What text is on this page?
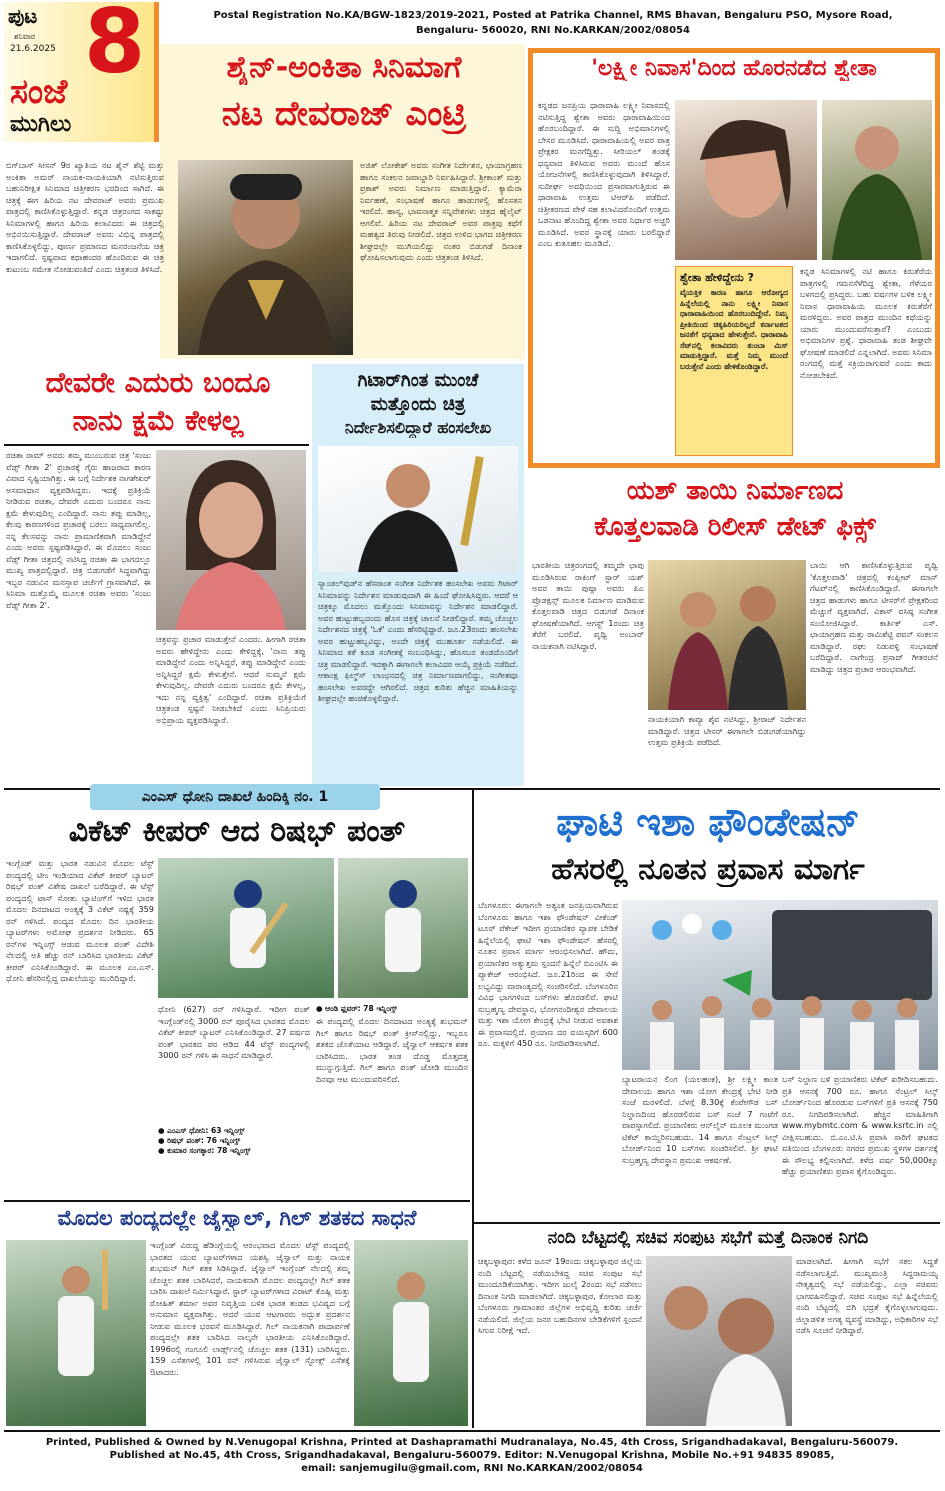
ಪುಟ
ಶನಿವಾರ
21.6.2025 8
ಸಂಜೆ
ಮುಗಿಲು
Postal Registration No.KA/BGW-1823/2019-2021, Posted at Patrika Channel, RMS Bhavan, Bengaluru PSO, Mysore Road,
Bengaluru- 560020, RNI No.KARKAN/2002/08054
ಶೈನ್-ಅಂಕಿತಾ ಸಿನಿಮಾಗೆ
ನಟ ದೇವರಾಜ್ ಎಂಟ್ರಿ
ಬಿಗ್‌ಬಾಸ್ ಸೀಸನ್ 9ರ ಖ್ಯಾತಿಯ ನಟ ಶೈನ್ ಶೆಟ್ಟಿ ಮತ್ತು ಅಂಕಿತಾ ಅಮರ್ ನಾಯಕ-ನಾಯಕಿಯಾಗಿ ನಟಿಸುತ್ತಿರುವ ಬಹುನಿರೀಕ್ಷಿತ ಸಿನಿಮಾದ ಚಿತ್ರೀಕರಣ ಭರದಿಂದ ಸಾಗಿದೆ. ಈ ಚಿತ್ರಕ್ಕೆ ಈಗ ಹಿರಿಯ ನಟ ದೇವರಾಜ್ ಅವರು ಪ್ರಮುಖ ಪಾತ್ರದಲ್ಲಿ ಕಾಣಿಸಿಕೊಳ್ಳುತ್ತಿದ್ದಾರೆ. ಕನ್ನಡ ಚಿತ್ರರಂಗದ ಸಾಕಷ್ಟು ಸಿನಿಮಾಗಳಲ್ಲಿ ಹಾಗೂ ಹಿರಿಯ ಕಲಾವಿದರು ಈ ಚಿತ್ರದಲ್ಲಿ ಅಭಿನಯಿಸುತ್ತಿದ್ದಾರೆ. ದೇವರಾಜ್ ಅವರು ವಿಭಿನ್ನ ಪಾತ್ರದಲ್ಲಿ ಕಾಣಿಸಿಕೊಳ್ಳಲಿದ್ದು, ಪೂರ್ಣ ಪ್ರಮಾಣದ ಮನರಂಜನೆಯ ಚಿತ್ರ ಇದಾಗಲಿದೆ. ಸ್ಪಷ್ಟವಾದ ಕಥಾಹಂದರ ಹೊಂದಿರುವ ಈ ಚಿತ್ರ ಕುಟುಂಬ ಸಮೇತ ನೋಡುವಂತಿದೆ ಎಂದು ಚಿತ್ರತಂಡ ತಿಳಿಸಿದೆ.
ಅಜಿತ್ ಲೋಕೇಶ್ ಅವರು ಸಂಗೀತ ನಿರ್ದೇಶನ, ಛಾಯಾಗ್ರಹಣ ಹಾಗೂ ಸಂಕಲನ ಜವಾಬ್ದಾರಿ ನಿರ್ವಹಿಸಿದ್ದಾರೆ. ಶ್ರೀಕಾಂತ್ ಮತ್ತು ಪ್ರಕಾಶ್ ಅವರು ನಿರ್ಮಾಣ ಮಾಡುತ್ತಿದ್ದಾರೆ. ಕ್ಯಾಮೆರಾ ನಿರ್ವಹಣೆ, ಸಂಭಾಷಣೆ ಹಾಗೂ ಹಾಡುಗಳಲ್ಲಿ ಹೊಸತನ ಇರಲಿದೆ. ಹಾಸ್ಯ, ಭಾವನಾತ್ಮಕ ಸನ್ನಿವೇಶಗಳು ಚಿತ್ರದ ಹೈಲೈಟ್ ಆಗಲಿವೆ. ಹಿರಿಯ ನಟ ದೇವರಾಜ್ ಅವರ ಪಾತ್ರವು ಕಥೆಗೆ ಮಹತ್ವದ ತಿರುವು ನೀಡಲಿದೆ. ಚಿತ್ರದ ಉಳಿದ ಭಾಗದ ಚಿತ್ರೀಕರಣ ಶೀಘ್ರದಲ್ಲೇ ಮುಗಿಯಲಿದ್ದು ನಂತರ ಬಿಡುಗಡೆ ದಿನಾಂಕ ಘೋಷಿಸಲಾಗುವುದು ಎಂದು ಚಿತ್ರತಂಡ ತಿಳಿಸಿದೆ.
'ಲಕ್ಷ್ಮೀ ನಿವಾಸ'ದಿಂದ ಹೊರನಡೆದ ಶ್ವೇತಾ
ಕನ್ನಡದ ಜನಪ್ರಿಯ ಧಾರಾವಾಹಿ ಲಕ್ಷ್ಮೀ ನಿವಾಸದಲ್ಲಿ ನಟಿಸುತ್ತಿದ್ದ ಶ್ವೇತಾ ಅವರು ಧಾರಾವಾಹಿಯಿಂದ ಹೊರಬಂದಿದ್ದಾರೆ. ಈ ಸುದ್ದಿ ಅಭಿಮಾನಿಗಳಲ್ಲಿ ಬೇಸರ ಮೂಡಿಸಿದೆ. ಧಾರಾವಾಹಿಯಲ್ಲಿ ಅವರ ಪಾತ್ರ ಪ್ರೇಕ್ಷಕರ ಮನಗೆದ್ದಿತ್ತು. ಸೀರಿಯಲ್ ತಂಡಕ್ಕೆ ಧನ್ಯವಾದ ತಿಳಿಸಿರುವ ಅವರು ಮುಂದೆ ಹೊಸ ಯೋಜನೆಗಳಲ್ಲಿ ಕಾಣಿಸಿಕೊಳ್ಳುವುದಾಗಿ ತಿಳಿಸಿದ್ದಾರೆ. ಸುದೀರ್ಘ ಅವಧಿಯಿಂದ ಪ್ರಸಾರವಾಗುತ್ತಿರುವ ಈ ಧಾರಾವಾಹಿ ಉತ್ತಮ ಟಿಆರ್‌ಪಿ ಪಡೆದಿದೆ. ಚಿತ್ರೀಕರಣದ ವೇಳೆ ಸಹ ಕಲಾವಿದರೊಂದಿಗೆ ಉತ್ತಮ ಒಡನಾಟ ಹೊಂದಿದ್ದ ಶ್ವೇತಾ ಅವರ ನಿರ್ಧಾರ ಅಚ್ಚರಿ ಮೂಡಿಸಿದೆ. ಅವರ ಸ್ಥಾನಕ್ಕೆ ಯಾರು ಬರಲಿದ್ದಾರೆ ಎಂಬ ಕುತೂಹಲ ಮೂಡಿದೆ.
ಶ್ವೇತಾ ಹೇಳಿದ್ದೇನು ?
ವೈಯಕ್ತಿಕ ಕಾರಣ ಹಾಗೂ ಆರೋಗ್ಯದ ಹಿನ್ನೆಲೆಯಲ್ಲಿ ನಾನು ಲಕ್ಷ್ಮೀ ನಿವಾಸ ಧಾರಾವಾಹಿಯಿಂದ ಹೊರಬಂದಿದ್ದೇನೆ. ನಿಮ್ಮ ಪ್ರೀತಿಯಿಂದ ಚಿಕ್ಕಹಿರಿಯರಿಲ್ಲದೆ ಕರ್ನಾಟಕದ ಜನತೆಗೆ ಧನ್ಯವಾದ ಹೇಳುತ್ತೇನೆ. ಧಾರಾವಾಹಿ ಸೆಟ್‌ನಲ್ಲಿ ಕಲಾವಿದರು ತುಂಬಾ ಮಿಸ್ ಮಾಡುತ್ತಿದ್ದಾರೆ. ಮತ್ತೆ ನಿಮ್ಮ ಮುಂದೆ ಬರುತ್ತೇನೆ ಎಂದು ಹೇಳಿಕೊಂಡಿದ್ದಾರೆ.
ಕನ್ನಡ ಸಿನಿಮಾಗಳಲ್ಲಿ ನಟಿ ಹಾಗೂ ಕಿರುತೆರೆಯ ಪಾತ್ರಗಳಲ್ಲಿ ಗಮನಸೆಳೆದಿದ್ದ ಶ್ವೇತಾ, ಗೆಳೆಯರ ಬಳಗದಲ್ಲಿ ಪ್ರಸಿದ್ಧರು. ಬಹು ವರ್ಷಗಳ ಬಳಿಕ ಲಕ್ಷ್ಮೀ ನಿವಾಸ ಧಾರಾವಾಹಿಯ ಮೂಲಕ ಕಿರುತೆರೆಗೆ ಮರಳಿದ್ದರು. ಅವರ ಪಾತ್ರದ ಮುಂದಿನ ಕಥೆಯನ್ನು ಯಾರು ಮುಂದುವರೆಸುತ್ತಾರೆ? ಎಂಬುದು ಅಭಿಮಾನಿಗಳ ಪ್ರಶ್ನೆ. ಧಾರಾವಾಹಿ ತಂಡ ಶೀಘ್ರವೇ ಘೋಷಣೆ ಮಾಡಲಿದೆ ಎನ್ನಲಾಗಿದೆ. ಅವರು ಸಿನಿಮಾ ರಂಗದಲ್ಲಿ ಮತ್ತೆ ಸಕ್ರಿಯರಾಗುವರೆ ಎಂದು ಕಾದು ನೋಡಬೇಕಿದೆ.
ದೇವರೇ ಎದುರು ಬಂದೂ
ನಾನು ಕ್ಷಮೆ ಕೇಳಲ್ಲ
ರಚಿತಾ ರಾಮ್ ಅವರು ತಮ್ಮ ಮುಂಬರುವ ಚಿತ್ರ 'ಸಂಜು ವೆಡ್ಸ್ ಗೀತಾ 2' ಪ್ರಚಾರಕ್ಕೆ ಗೈರು ಹಾಜರಾದ ಕಾರಣ ವಿವಾದ ಸೃಷ್ಟಿಯಾಗಿತ್ತು. ಈ ಬಗ್ಗೆ ನಿರ್ದೇಶಕ ನಾಗಶೇಖರ್ ಅಸಮಾಧಾನ ವ್ಯಕ್ತಪಡಿಸಿದ್ದರು. ಇದಕ್ಕೆ ಪ್ರತಿಕ್ರಿಯೆ ನೀಡಿರುವ ರಚಿತಾ, ದೇವರೇ ಎದುರು ಬಂದರೂ ನಾನು ಕ್ಷಮೆ ಕೇಳುವುದಿಲ್ಲ ಎಂದಿದ್ದಾರೆ. ನಾನು ತಪ್ಪು ಮಾಡಿಲ್ಲ, ಕೆಲವು ಕಾರಣಗಳಿಂದ ಪ್ರಚಾರಕ್ಕೆ ಬರಲು ಸಾಧ್ಯವಾಗಲಿಲ್ಲ. ನನ್ನ ಕೆಲಸವನ್ನು ನಾನು ಪ್ರಾಮಾಣಿಕವಾಗಿ ಮಾಡಿದ್ದೇನೆ ಎಂದು ಅವರು ಸ್ಪಷ್ಟಪಡಿಸಿದ್ದಾರೆ. ಈ ಮೊದಲು ಸಂಜು ವೆಡ್ಸ್ ಗೀತಾ ಚಿತ್ರದಲ್ಲಿ ನಟಿಸಿದ್ದ ರಚಿತಾ ಈ ಭಾಗದಲ್ಲೂ ಮುಖ್ಯ ಪಾತ್ರದಲ್ಲಿದ್ದಾರೆ. ಚಿತ್ರ ಬಿಡುಗಡೆಗೆ ಸಿದ್ಧವಾಗಿದ್ದು ಇಬ್ಬರ ನಡುವಿನ ಮನಸ್ತಾಪ ಚರ್ಚೆಗೆ ಗ್ರಾಸವಾಗಿದೆ. ಈ ಸಿನಿಮಾ ಮತ್ತೊಮ್ಮೆ ಮೂಲಕ ರಚಿತಾ ಅವರು 'ಸಂಜು ವೆಡ್ಸ್ ಗೀತಾ 2'.
ಚಿತ್ರವನ್ನು ಪ್ರಚಾರ ಮಾಡುತ್ತೇನೆ ಎಂದರು. ಹೀಗಾಗಿ ರಚಿತಾ ಅವರು ಹೇಳಿದ್ದೇನು ಎಂದು ಕೇಳಿದ್ದಕ್ಕೆ, 'ನಾನು ತಪ್ಪು ಮಾಡಿದ್ದೇನೆ ಎಂದು ಅನ್ನಿಸಿದ್ದರೆ, ತಪ್ಪು ಮಾಡಿದ್ದೇನೆ ಎಂದು ಅನ್ನಿಸಿದ್ದರೆ ಕ್ಷಮೆ ಕೇಳುತ್ತೇನೆ. ಆದರೆ ಸುಮ್ಮನೆ ಕ್ಷಮೆ ಕೇಳುವುದಿಲ್ಲ. ದೇವರೇ ಎದುರು ಬಂದರೂ ಕ್ಷಮೆ ಕೇಳಲ್ಲ, ಇದು ನನ್ನ ವ್ಯಕ್ತಿತ್ವ' ಎಂದಿದ್ದಾರೆ. ರಚಿತಾ ಪ್ರತಿಕ್ರಿಯೆಗೆ ಚಿತ್ರತಂಡ ಸ್ಪಷ್ಟನೆ ನೀಡಬೇಕಿದೆ ಎಂದು ಸಿನಿಪ್ರಿಯರು ಅಭಿಪ್ರಾಯ ವ್ಯಕ್ತಪಡಿಸಿದ್ದಾರೆ.
ಗಿಟಾರ್‌ಗಿಂತ ಮುಂಚೆ
ಮತ್ತೊಂದು ಚಿತ್ರ
ನಿರ್ದೇಶಿಸಲಿದ್ದಾರೆ ಹಂಸಲೇಖ
ಸ್ಯಾಂಡಲ್‌ವುಡ್‌ನ ಹೆಸರಾಂತ ಸಂಗೀತ ನಿರ್ದೇಶಕ ಹಂಸಲೇಖ ಅವರು ಗಿಟಾರ್ ಸಿನಿಮಾವನ್ನು ನಿರ್ದೇಶನ ಮಾಡುವುದಾಗಿ ಈ ಹಿಂದೆ ಘೋಷಿಸಿದ್ದರು. ಆದರೆ ಆ ಚಿತ್ರಕ್ಕೂ ಮೊದಲು ಮತ್ತೊಂದು ಸಿನಿಮಾವನ್ನು ನಿರ್ದೇಶನ ಮಾಡಲಿದ್ದಾರೆ. ಅವರ ಹುಟ್ಟುಹಬ್ಬದಂದು ಹೊಸ ಚಿತ್ರಕ್ಕೆ ಚಾಲನೆ ನೀಡಲಿದ್ದಾರೆ. ತಮ್ಮ ಚೊಚ್ಚಲ ನಿರ್ದೇಶನದ ಚಿತ್ರಕ್ಕೆ 'ಓಕೆ' ಎಂದು ಹೆಸರಿಟ್ಟಿದ್ದಾರೆ. ಜೂ.23ರಂದು ಹಂಸಲೇಖ ಅವರ ಹುಟ್ಟುಹಬ್ಬವಿದ್ದು, ಅಂದೇ ಚಿತ್ರಕ್ಕೆ ಮುಹೂರ್ತ ನಡೆಯಲಿದೆ. ಈ ಸಿನಿಮಾದ ಕತೆ ಕೂಡ ಸಂಗೀತಕ್ಕೆ ಸಂಬಂಧಿಸಿದ್ದು, ಹೊಸಬರ ತಂಡದೊಂದಿಗೆ ಚಿತ್ರ ಮಾಡಲಿದ್ದಾರೆ. ಇದಕ್ಕಾಗಿ ಈಗಾಗಲೇ ಕಲಾವಿದರ ಆಯ್ಕೆ ಪ್ರಕ್ರಿಯೆ ನಡೆದಿದೆ. ಆಕಾಂಕ್ಷ ಫಿಲ್ಮ್‌ಸ್ ಲಾಂಛನದಲ್ಲಿ ಚಿತ್ರ ನಿರ್ಮಾಣವಾಗಲಿದ್ದು, ಸಂಗೀತವೂ ಹಂಸಲೇಖ ಅವರದ್ದೇ ಆಗಿರಲಿದೆ. ಚಿತ್ರದ ಕುರಿತು ಹೆಚ್ಚಿನ ಮಾಹಿತಿಯನ್ನು ಶೀಘ್ರದಲ್ಲೇ ಹಂಚಿಕೊಳ್ಳಲಿದ್ದಾರೆ.
ಯಶ್ ತಾಯಿ ನಿರ್ಮಾಣದ
ಕೊತ್ತಲವಾಡಿ ರಿಲೀಸ್ ಡೇಟ್ ಫಿಕ್ಸ್
ಭಾರತೀಯ ಚಿತ್ರರಂಗದಲ್ಲಿ ತಮ್ಮದೇ ಛಾಪು ಮೂಡಿಸಿರುವ ರಾಕಿಂಗ್ ಸ್ಟಾರ್ ಯಶ್ ಅವರ ತಾಯಿ ಪುಷ್ಪಾ ಅವರು ಪಿಎ ಪ್ರೊಡಕ್ಷನ್ಸ್ ಮೂಲಕ ನಿರ್ಮಾಣ ಮಾಡಿರುವ ಕೊತ್ತಲವಾಡಿ ಚಿತ್ರದ ಬಿಡುಗಡೆ ದಿನಾಂಕ ಘೋಷಣೆಯಾಗಿದೆ. ಆಗಸ್ಟ್ 1ರಂದು ಚಿತ್ರ ತೆರೆಗೆ ಬರಲಿದೆ. ಪೃಥ್ವಿ ಅಂಬಾರ್ ನಾಯಕನಾಗಿ ನಟಿಸಿದ್ದಾರೆ.
ನಾಯಕಿಯಾಗಿ ಕಾವ್ಯಾ ಶೈವ ನಟಿಸಿದ್ದು, ಶ್ರೀರಾಜ್ ನಿರ್ದೇಶನ ಮಾಡಿದ್ದಾರೆ. ಚಿತ್ರದ ಟೀಸರ್ ಈಗಾಗಲೇ ಬಿಡುಗಡೆಯಾಗಿದ್ದು ಉತ್ತಮ ಪ್ರತಿಕ್ರಿಯೆ ಪಡೆದಿದೆ.
ಬಾಯಿ ಆಗಿ ಕಾಣಿಸಿಕೊಳ್ಳುತ್ತಿರುವ ಪೃಥ್ವಿ 'ಕೊತ್ತಲವಾಡಿ' ಚಿತ್ರದಲ್ಲಿ ಕಂಪ್ಲೀಟ್ ಮಾಸ್ ಗೆಟಪ್‌ನಲ್ಲಿ ಕಾಣಿಸಿಕೊಂಡಿದ್ದಾರೆ. ಈಗಾಗಲೇ ಚಿತ್ರದ ಹಾಡುಗಳು ಹಾಗೂ ಟೀಸರ್‌ಗೆ ಪ್ರೇಕ್ಷಕರಿಂದ ಮೆಚ್ಚುಗೆ ವ್ಯಕ್ತವಾಗಿದೆ. ವಿಕಾಸ್ ವಸಿಷ್ಠ ಸಂಗೀತ ಸಂಯೋಜಿಸಿದ್ದಾರೆ. ಕಾರ್ತಿಕ್ ಎಸ್. ಛಾಯಾಗ್ರಹಣ ಮತ್ತು ರಾಮಿಶೆಟ್ಟಿ ಪವನ್ ಸಂಕಲನ ಮಾಡಿದ್ದಾರೆ. ರಘು ನಿಡುವಳ್ಳಿ ಸಂಭಾಷಣೆ ಬರೆದಿದ್ದಾರೆ. ನಾಗೇಂದ್ರ ಪ್ರಸಾದ್ ಗೀತರಚನೆ ಮಾಡಿದ್ದು ಚಿತ್ರದ ಪ್ರಚಾರ ಆರಂಭವಾಗಿದೆ.
ಎಂಎಸ್ ಧೋನಿ ದಾಖಲೆ ಹಿಂದಿಕ್ಕಿ ನಂ. 1
ವಿಕೆಟ್ ಕೀಪರ್ ಆದ ರಿಷಭ್ ಪಂತ್
ಇಂಗ್ಲೆಂಡ್ ಮತ್ತು ಭಾರತ ನಡುವಿನ ಮೊದಲ ಟೆಸ್ಟ್ ಪಂದ್ಯದಲ್ಲಿ ಟೀಂ ಇಂಡಿಯಾದ ವಿಕೆಟ್ ಕೀಪರ್ ಬ್ಯಾಟರ್ ರಿಷಭ್ ಪಂತ್ ವಿಶೇಷ ದಾಖಲೆ ಬರೆದಿದ್ದಾರೆ. ಈ ಟೆಸ್ಟ್ ಪಂದ್ಯದಲ್ಲಿ ಟಾಸ್ ಸೋತು ಬ್ಯಾಟಿಂಗ್‌ಗೆ ಇಳಿದ ಭಾರತ ಮೊದಲ ದಿನದಾಟದ ಅಂತ್ಯಕ್ಕೆ 3 ವಿಕೆಟ್ ನಷ್ಟಕ್ಕೆ 359 ರನ್ ಗಳಿಸಿದೆ. ಪಂದ್ಯದ ಮೊದಲ ದಿನ ಭಾರತೀಯ ಬ್ಯಾಟರ್‌ಗಳು ಅಮೋಘ ಪ್ರದರ್ಶನ ನೀಡಿದರು. 65 ರನ್‌ಗಳ ಇನ್ನಿಂಗ್ಸ್ ಆಡುವ ಮೂಲಕ ಪಂತ್ ವಿದೇಶಿ ನೆಲದಲ್ಲಿ ಅತಿ ಹೆಚ್ಚು ರನ್ ಬಾರಿಸಿದ ಭಾರತೀಯ ವಿಕೆಟ್ ಕೀಪರ್ ಎನಿಸಿಕೊಂಡಿದ್ದಾರೆ. ಈ ಮೂಲಕ ಎಂ.ಎಸ್. ಧೋನಿ ಹೆಸರಿನಲ್ಲಿದ್ದ ದಾಖಲೆಯನ್ನು ಮುರಿದಿದ್ದಾರೆ.
ಧೋನಿ (627) ರನ್ ಗಳಿಸಿದ್ದಾರೆ. ಇದೀಗ ಪಂತ್ ಇಂಗ್ಲೆಂಡ್‌ನಲ್ಲಿ 3000 ರನ್ ಪೂರೈಸಿದ ಭಾರತದ ಮೊದಲ ವಿಕೆಟ್ ಕೀಪರ್ ಬ್ಯಾಟರ್ ಎನಿಸಿಕೊಂಡಿದ್ದಾರೆ. 27 ವರ್ಷದ ಪಂತ್ ಭಾರತದ ಪರ ಆಡಿದ 44 ಟೆಸ್ಟ್ ಪಂದ್ಯಗಳಲ್ಲಿ 3000 ರನ್ ಗಳಿಸಿ ಈ ಸಾಧನೆ ಮಾಡಿದ್ದಾರೆ.
● ಎಂಎಸ್ ಧೋನಿ: 63 ಇನ್ನಿಂಗ್ಸ್
● ರಿಷಭ್ ಪಂತ್: 76 ಇನ್ನಿಂಗ್ಸ್
● ಕುಮಾರ ಸಂಗಕ್ಕಾರ: 78 ಇನ್ನಿಂಗ್ಸ್
● ಆಂಡಿ ಫ್ಲವರ್: 78 ಇನ್ನಿಂಗ್ಸ್
ಈ ಪಂದ್ಯದಲ್ಲಿ ಮೊದಲ ದಿನದಾಟದ ಅಂತ್ಯಕ್ಕೆ ಶುಭಮನ್ ಗಿಲ್ ಹಾಗೂ ರಿಷಭ್ ಪಂತ್ ಕ್ರೀಸ್‌ನಲ್ಲಿದ್ದು, ಇಬ್ಬರೂ ಶತಕದ ಜೊತೆಯಾಟ ಆಡಿದ್ದಾರೆ. ಜೈಸ್ವಾಲ್ ಆಕರ್ಷಕ ಶತಕ ಬಾರಿಸಿದರು. ಭಾರತ ತಂಡ ದೊಡ್ಡ ಮೊತ್ತದತ್ತ ಮುನ್ನುಗ್ಗುತ್ತಿದೆ. ಗಿಲ್ ಹಾಗೂ ಪಂತ್ ಜೋಡಿ ಮುಂದಿನ ದಿನವೂ ಆಟ ಮುಂದುವರಿಸಲಿದೆ.
ಮೊದಲ ಪಂದ್ಯದಲ್ಲೇ ಜೈಸ್ವಾಲ್, ಗಿಲ್ ಶತಕದ ಸಾಧನೆ
ಇಂಗ್ಲೆಂಡ್ ವಿರುದ್ಧ ಹೆಡಿಂಗ್ಲೆಯಲ್ಲಿ ಆರಂಭವಾದ ಮೊದಲ ಟೆಸ್ಟ್ ಪಂದ್ಯದಲ್ಲಿ ಭಾರತದ ಯುವ ಬ್ಯಾಟರ್‌ಗಳಾದ ಯಶಸ್ವಿ ಜೈಸ್ವಾಲ್ ಮತ್ತು ನಾಯಕ ಶುಭಮನ್ ಗಿಲ್ ಶತಕ ಸಿಡಿಸಿದ್ದಾರೆ. ಜೈಸ್ವಾಲ್ ಇಂಗ್ಲೆಂಡ್ ನೆಲದಲ್ಲಿ ತಮ್ಮ ಚೊಚ್ಚಲ ಶತಕ ಬಾರಿಸಿದರೆ, ನಾಯಕನಾಗಿ ಮೊದಲ ಪಂದ್ಯದಲ್ಲೇ ಗಿಲ್ ಶತಕ ಬಾರಿಸಿ ದಾಖಲೆ ನಿರ್ಮಿಸಿದ್ದಾರೆ. ಸ್ಟಾರ್ ಬ್ಯಾಟರ್‌ಗಳಾದ ವಿರಾಟ್ ಕೊಹ್ಲಿ ಮತ್ತು ರೋಹಿತ್ ಶರ್ಮಾ ಅವರ ನಿವೃತ್ತಿಯ ಬಳಿಕ ಭಾರತ ತಂಡದ ಭವಿಷ್ಯದ ಬಗ್ಗೆ ಅನುಮಾನ ವ್ಯಕ್ತವಾಗಿತ್ತು. ಆದರೆ ಯುವ ಆಟಗಾರರು ಅದ್ಭುತ ಪ್ರದರ್ಶನ ನೀಡುವ ಮೂಲಕ ಭರವಸೆ ಮೂಡಿಸಿದ್ದಾರೆ. ಗಿಲ್ ನಾಯಕನಾಗಿ ಪಾದಾರ್ಪಣೆ ಪಂದ್ಯದಲ್ಲೇ ಶತಕ ಬಾರಿಸಿದ ನಾಲ್ಕನೇ ಭಾರತೀಯ ಎನಿಸಿಕೊಂಡಿದ್ದಾರೆ. 1996ರಲ್ಲಿ ಗಂಗೂಲಿ ಲಾರ್ಡ್ಸ್‌ನಲ್ಲಿ ಚೊಚ್ಚಲ ಶತಕ (131) ಬಾರಿಸಿದ್ದರು. 159 ಎಸೆತಗಳಲ್ಲಿ 101 ರನ್ ಗಳಿಸಿರುವ ಜೈಸ್ವಾಲ್ ಸ್ಟೋಕ್ಸ್ ಎಸೆತಕ್ಕೆ ಔಟಾದರು.
ಘಾಟಿ ಇಶಾ ಫೌಂಡೇಷನ್
ಹೆಸರಲ್ಲಿ ನೂತನ ಪ್ರವಾಸ ಮಾರ್ಗ
ಬೆಂಗಳೂರು: ಈಗಾಗಲೇ ಅತ್ಯಂತ ಜನಪ್ರಿಯವಾಗಿರುವ ಬೆಂಗಳೂರು ಹಾಗೂ ಇಶಾ ಫೌಂಡೇಷನ್ ವೀಕೆಂಡ್ ಟೂರ್ ಪೆಕೇಜ್ ಇದೀಗ ಪ್ರಯಾಣಿಕರ ವ್ಯಾಪಕ ಬೇಡಿಕೆ ಹಿನ್ನೆಲೆಯಲ್ಲಿ ಘಾಟಿ ಇಶಾ ಫೌಂಡೇಷನ್ ಹೆಸರಲ್ಲಿ ನೂತನ ಪ್ರವಾಸ ಮಾರ್ಗ ಆರಂಭಿಸಲಾಗಿದೆ. ಹೌದು, ಪ್ರಯಾಣಿಕರ ಅತ್ಯುತ್ತಮ ಸ್ಪಂದನೆ ಹಿನ್ನೆಲೆ ಬಿಎಂಟಿಸಿ ಈ ಪ್ಯಾಕೇಜ್ ಆರಂಭಿಸಿದೆ. ಜೂ.21ರಿಂದ ಈ ಸೇವೆ ಲಭ್ಯವಿದ್ದು ವಾರಾಂತ್ಯದಲ್ಲಿ ಸಂಚರಿಸಲಿದೆ. ಬೆಂಗಳೂರಿನ ವಿವಿಧ ಭಾಗಗಳಿಂದ ಬಸ್‌ಗಳು ಹೊರಡಲಿವೆ. ಘಾಟಿ ಸುಬ್ರಹ್ಮಣ್ಯ ದೇವಸ್ಥಾನ, ಭೋಗನಂದೀಶ್ವರ ದೇವಾಲಯ ಮತ್ತು ಇಶಾ ಯೋಗ ಕೇಂದ್ರಕ್ಕೆ ಭೇಟಿ ನೀಡುವ ಅವಕಾಶ ಈ ಪ್ರವಾಸದಲ್ಲಿದೆ. ಪ್ರಯಾಣ ದರ ವಯಸ್ಕರಿಗೆ 600 ರೂ. ಮಕ್ಕಳಿಗೆ 450 ರೂ. ನಿಗದಿಪಡಿಸಲಾಗಿದೆ.
ಬ್ಯಾಟರಾಯನ ಲಿಂಗ (ಯಲಹಂಕ), ಶ್ರೀ ಲಕ್ಷ್ಮೀ ಕಾಂತ ದೇವಾಲಯ ಹಾಗೂ ಇಶಾ ಯೋಗ ಕೇಂದ್ರಕ್ಕೆ ಭೇಟಿ ನೀಡಿ ಸಂಜೆ ಮರಳಲಿದೆ. ಬೆಳಗ್ಗೆ 8.30ಕ್ಕೆ ಕೆಂಪೇಗೌಡ ಬಸ್ ನಿಲ್ದಾಣದಿಂದ ಹೊರಡಲಿರುವ ಬಸ್ ಸಂಜೆ 7 ಗಂಟೆಗೆ ವಾಪಸ್ಸಾಗಲಿದೆ. ಪ್ರಯಾಣಿಕರು ಆನ್‌ಲೈನ್ ಮೂಲಕ ಮುಂಗಡ ಟಿಕೆಟ್ ಕಾಯ್ದಿರಿಸಬಹುದು. 14 ಹಾಗೂ ಸೆಂಟ್ರಲ್ ಸಿಲ್ಕ್ ಬೋರ್ಡ್‌ನಿಂದ 10 ಬಸ್‌ಗಳು ಸಂಚರಿಸಲಿವೆ. ಶ್ರೀ ಘಾಟಿ ಸುಬ್ರಹ್ಮಣ್ಯ ದೇವಸ್ಥಾನ ಪ್ರಮುಖ ಆಕರ್ಷಣೆ.
ಬಸ್ ನಿಲ್ದಾಣ ಬಳಿ ಪ್ರಯಾಣಿಕರು ಟಿಕೆಟ್ ಖರೀದಿಸಬಹುದು. ಪ್ರತಿ ಆಸನಕ್ಕೆ 700 ರೂ. ಹಾಗೂ ಸೆಂಟ್ರಲ್ ಸಿಲ್ಕ್ ಬೋರ್ಡ್‌ನಿಂದ ಹೊರಡುವ ಬಸ್‌ಗಳಿಗೆ ಪ್ರತಿ ಆಸನಕ್ಕೆ 750 ರೂ. ನಿಗದಿಪಡಿಸಲಾಗಿದೆ. ಹೆಚ್ಚಿನ ಮಾಹಿತಿಗಾಗಿ www.mybmtc.com & www.ksrtc.in ನಲ್ಲಿ ವೀಕ್ಷಿಸಬಹುದು. ಬಿ.ಎಂ.ಟಿ.ಸಿ ಪ್ರವಾಸಿ ಸಾರಿಗೆ ಘಟಕದ ವತಿಯಿಂದ ಬೆಂಗಳೂರು ನಗರದ ಪ್ರಮುಖ ಸ್ಥಳಗಳ ದರ್ಶನಕ್ಕೆ ಈ ಸೌಲಭ್ಯ ಕಲ್ಪಿಸಲಾಗಿದೆ. ಕಳೆದ ವರ್ಷ 50,000ಕ್ಕೂ ಹೆಚ್ಚು ಪ್ರಯಾಣಿಕರು ಪ್ರವಾಸ ಕೈಗೊಂಡಿದ್ದರು.
ನಂದಿ ಬೆಟ್ಟದಲ್ಲಿ ಸಚಿವ ಸಂಪುಟ ಸಭೆಗೆ ಮತ್ತೆ ದಿನಾಂಕ ನಿಗದಿ
ಚಿಕ್ಕಬಳ್ಳಾಪುರ: ಕಳೆದ ಜೂನ್ 19ರಂದು ಚಿಕ್ಕಬಳ್ಳಾಪುರ ಜಿಲ್ಲೆಯ ನಂದಿ ಬೆಟ್ಟದಲ್ಲಿ ನಡೆಯಬೇಕಿದ್ದ ಸಚಿವ ಸಂಪುಟ ಸಭೆ ಮುಂದೂಡಿಕೆಯಾಗಿತ್ತು. ಇದೀಗ ಜುಲೈ 2ರಂದು ಸಭೆ ನಡೆಸಲು ದಿನಾಂಕ ನಿಗದಿ ಮಾಡಲಾಗಿದೆ. ಚಿಕ್ಕಬಳ್ಳಾಪುರ, ಕೋಲಾರ ಮತ್ತು ಬೆಂಗಳೂರು ಗ್ರಾಮಾಂತರ ಜಿಲ್ಲೆಗಳ ಅಭಿವೃದ್ಧಿ ಕುರಿತು ಚರ್ಚೆ ನಡೆಯಲಿದೆ. ಜಿಲ್ಲೆಯ ಜನರ ಬಹುದಿನಗಳ ಬೇಡಿಕೆಗಳಿಗೆ ಸ್ಪಂದನೆ ಸಿಗುವ ನಿರೀಕ್ಷೆ ಇದೆ.
ಮಾಡಲಾಗಿದೆ. ಹೀಗಾಗಿ ಸಭೆಗೆ ಸಕಲ ಸಿದ್ಧತೆ ನಡೆಸಲಾಗುತ್ತಿದೆ. ಮುಖ್ಯಮಂತ್ರಿ ಸಿದ್ದರಾಮಯ್ಯ ನೇತೃತ್ವದಲ್ಲಿ ಸಭೆ ನಡೆಯಲಿದ್ದು, ಎಲ್ಲಾ ಸಚಿವರು ಭಾಗವಹಿಸಲಿದ್ದಾರೆ. ಸಚಿವ ಸಂಪುಟ ಸಭೆ ಹಿನ್ನೆಲೆಯಲ್ಲಿ ನಂದಿ ಬೆಟ್ಟದಲ್ಲಿ ಬಿಗಿ ಭದ್ರತೆ ಕೈಗೊಳ್ಳಲಾಗುವುದು. ಜಿಲ್ಲಾಡಳಿತ ಅಗತ್ಯ ವ್ಯವಸ್ಥೆ ಮಾಡಿದ್ದು, ಅಧಿಕಾರಿಗಳ ಸಭೆ ನಡೆಸಿ ಸೂಚನೆ ನೀಡಿದ್ದಾರೆ.
Printed, Published & Owned by N.Venugopal Krishna, Printed at Dashapramathi Mudranalaya, No.45, 4th Cross, Srigandhadakaval, Bengaluru-560079.
Published at No.45, 4th Cross, Srigandhadakaval, Bengaluru-560079. Editor: N.Venugopal Krishna, Mobile No.+91 94835 89085,
email: sanjemugilu@gmail.com, RNI No.KARKAN/2002/08054
